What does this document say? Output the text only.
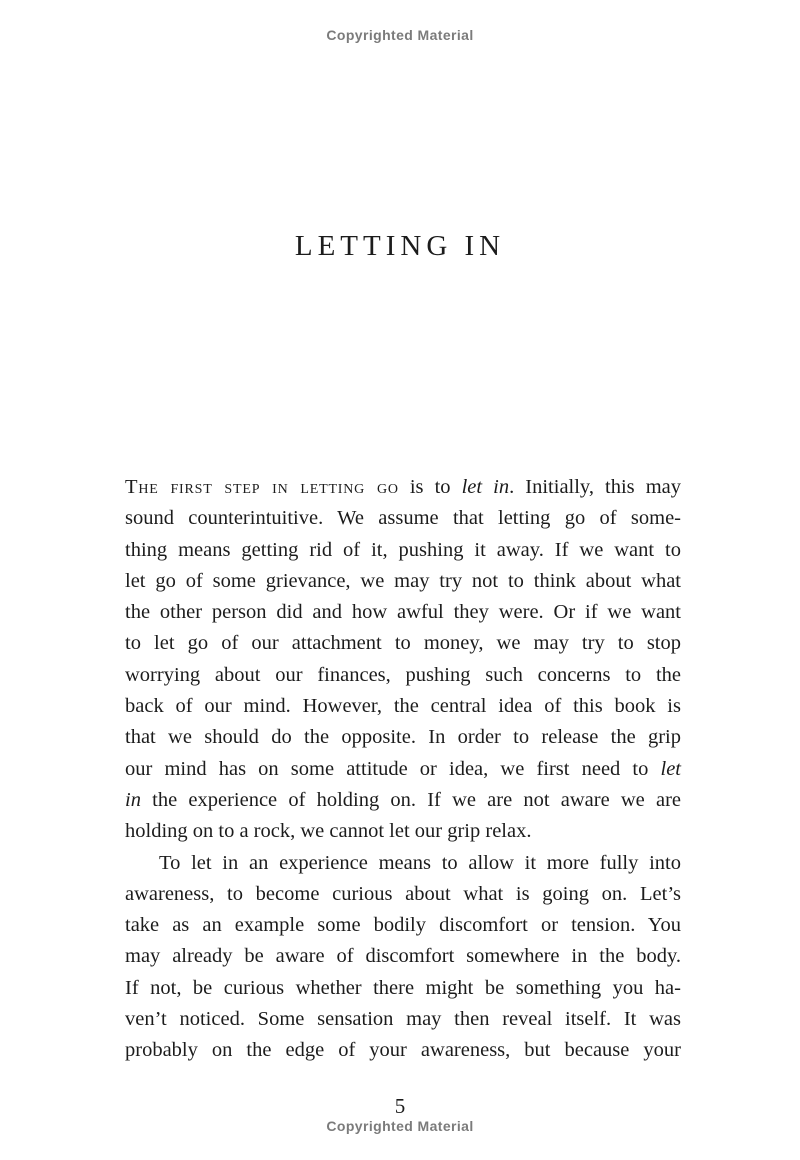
Copyrighted Material
LETTING IN
The first step in letting go is to let in. Initially, this may
sound counterintuitive. We assume that letting go of some-
thing means getting rid of it, pushing it away. If we want to
let go of some grievance, we may try not to think about what
the other person did and how awful they were. Or if we want
to let go of our attachment to money, we may try to stop
worrying about our finances, pushing such concerns to the
back of our mind. However, the central idea of this book is
that we should do the opposite. In order to release the grip
our mind has on some attitude or idea, we first need to let
in the experience of holding on. If we are not aware we are
holding on to a rock, we cannot let our grip relax.
To let in an experience means to allow it more fully into
awareness, to become curious about what is going on. Let’s
take as an example some bodily discomfort or tension. You
may already be aware of discomfort somewhere in the body.
If not, be curious whether there might be something you ha-
ven’t noticed. Some sensation may then reveal itself. It was
probably on the edge of your awareness, but because your
5
Copyrighted Material
